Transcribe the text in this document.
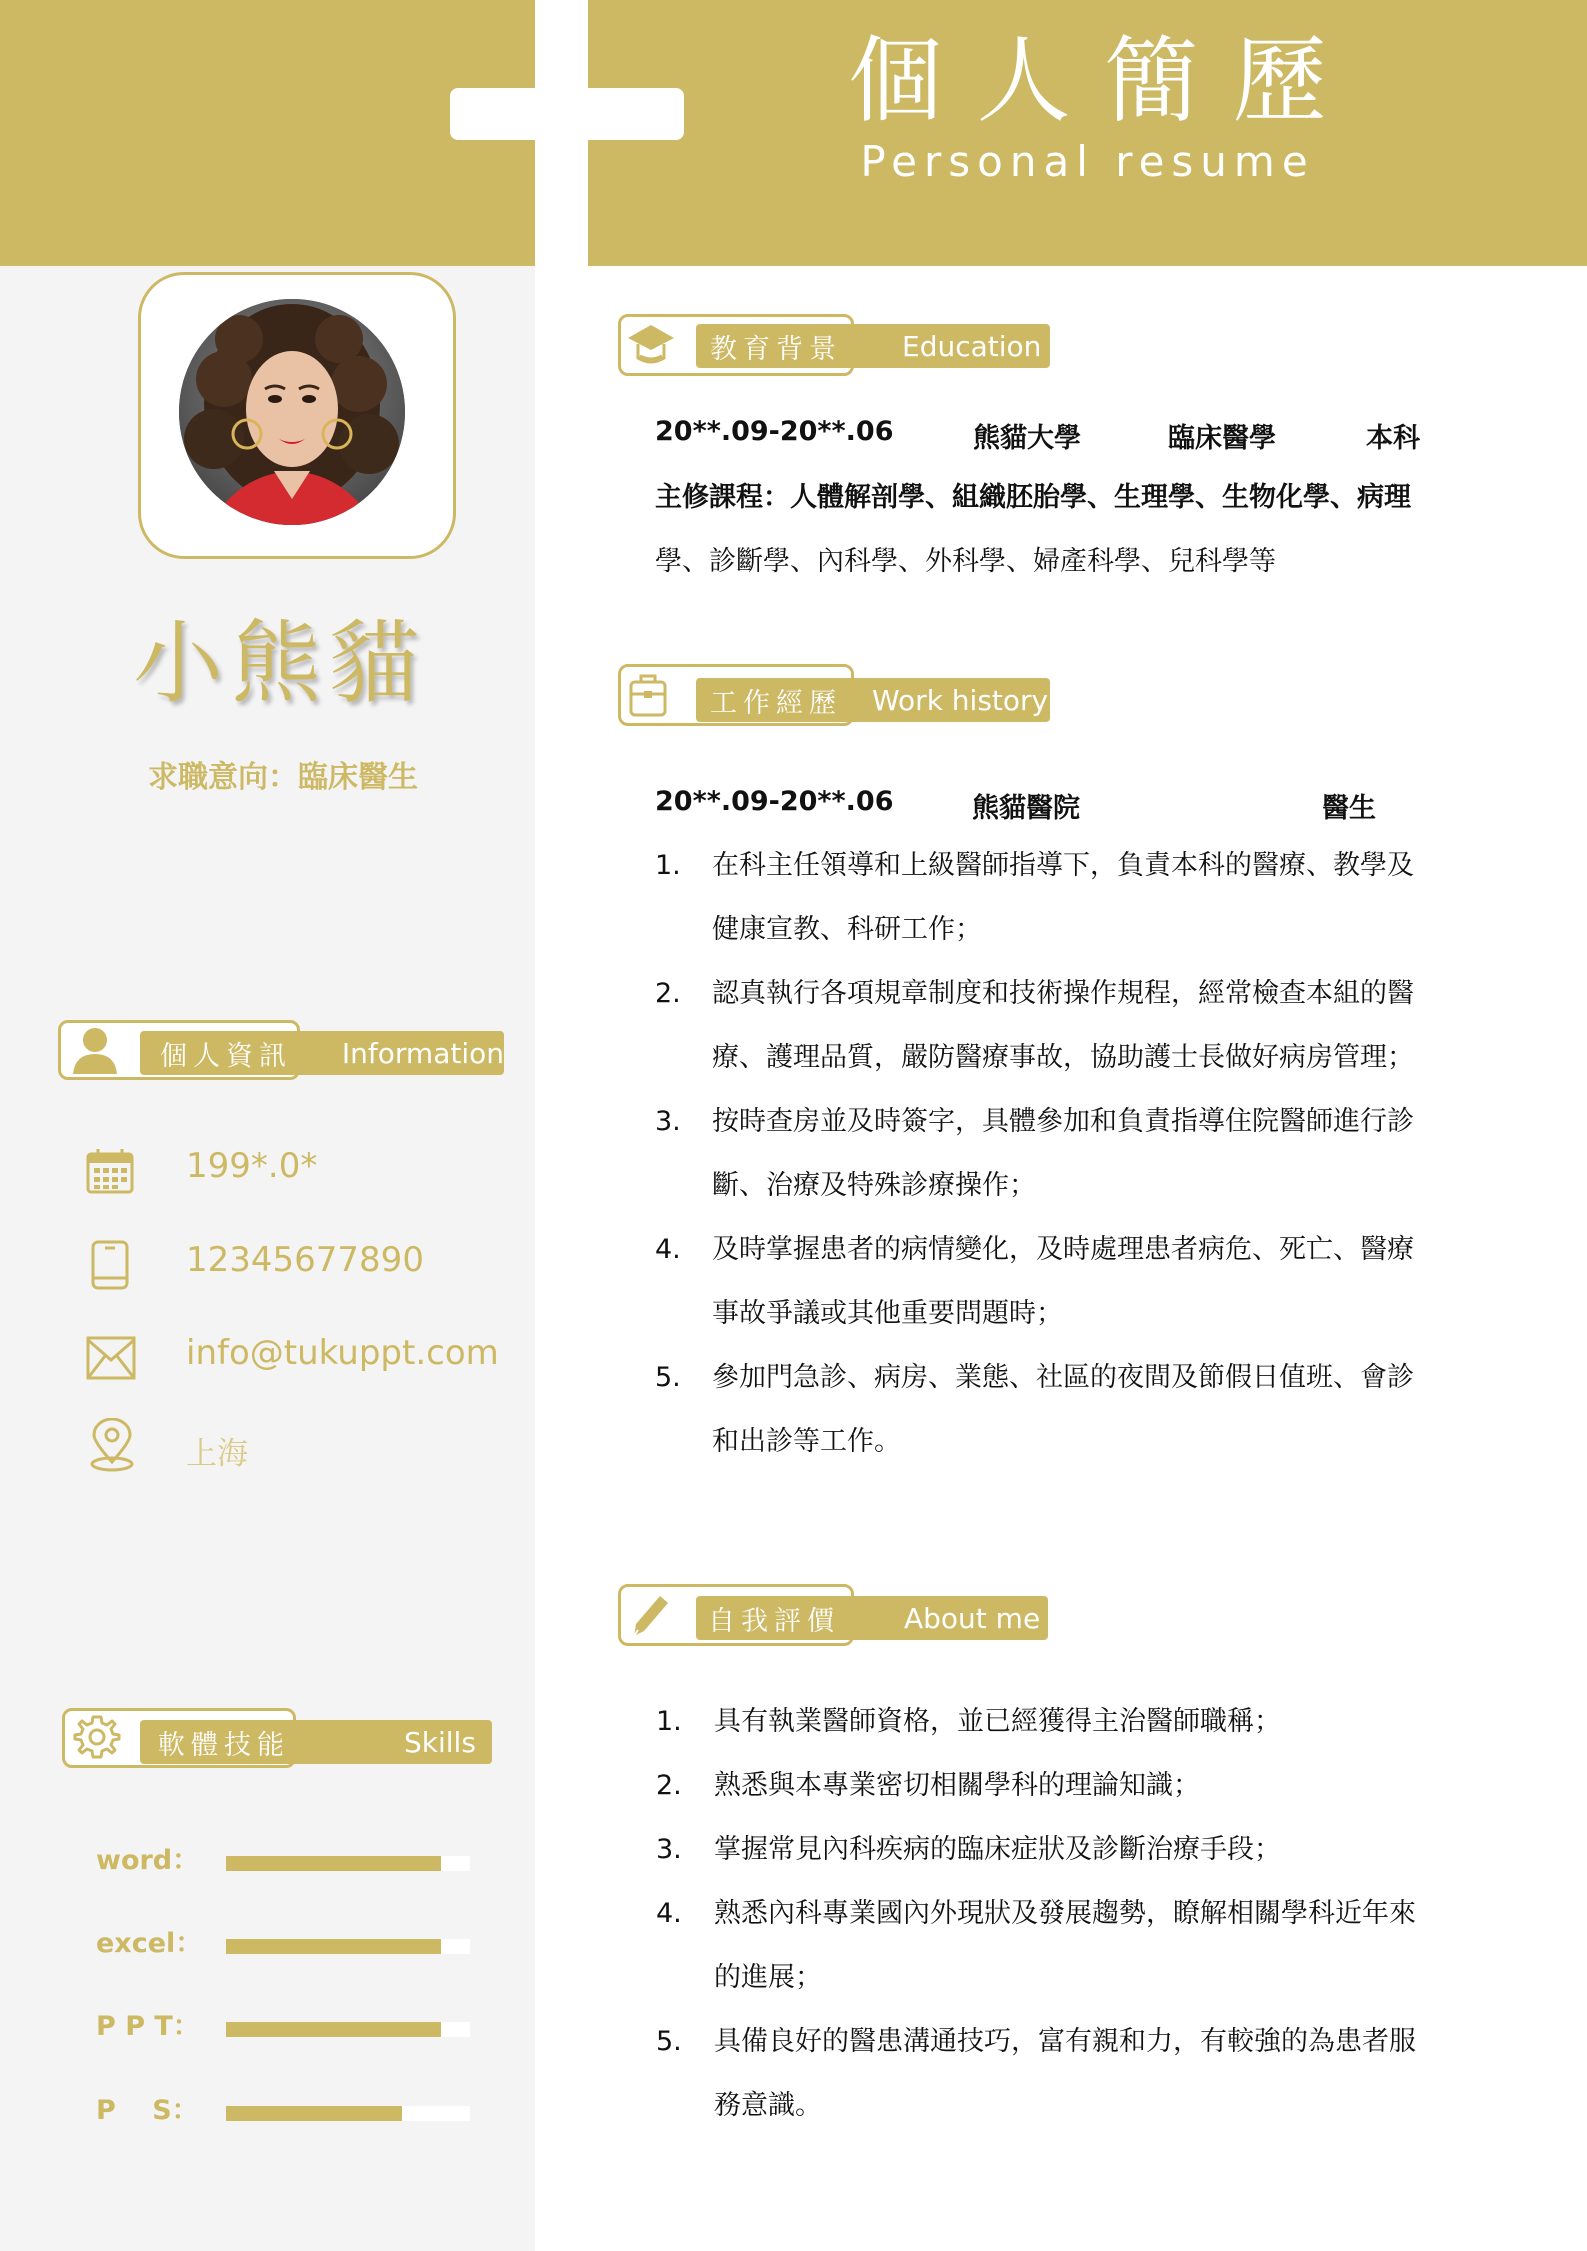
個人簡歷
Personal resume
小熊貓
求職意向：臨床醫生
個人資訊	Information
199*.0*
12345677890
info@tukuppt.com
上海
軟體技能	Skills
word：
excel：
P P T：
P　 S：
教育背景	Education
20**.09-20**.06	熊貓大學	臨床醫學	本科
主修課程：人體解剖學、組織胚胎學、生理學、生物化學、病理
學、診斷學、內科學、外科學、婦產科學、兒科學等
工作經歷	Work history
20**.09-20**.06	熊貓醫院	醫生
1. 在科主任領導和上級醫師指導下，負責本科的醫療、教學及
健康宣教、科研工作；
2. 認真執行各項規章制度和技術操作規程，經常檢查本組的醫
療、護理品質，嚴防醫療事故，協助護士長做好病房管理；
3. 按時查房並及時簽字，具體參加和負責指導住院醫師進行診
斷、治療及特殊診療操作；
4. 及時掌握患者的病情變化，及時處理患者病危、死亡、醫療
事故爭議或其他重要問題時；
5. 參加門急診、病房、業態、社區的夜間及節假日值班、會診
和出診等工作。
自我評價	About me
1. 具有執業醫師資格，並已經獲得主治醫師職稱；
2. 熟悉與本專業密切相關學科的理論知識；
3. 掌握常見內科疾病的臨床症狀及診斷治療手段；
4. 熟悉內科專業國內外現狀及發展趨勢，瞭解相關學科近年來
的進展；
5. 具備良好的醫患溝通技巧，富有親和力，有較強的為患者服
務意識。
